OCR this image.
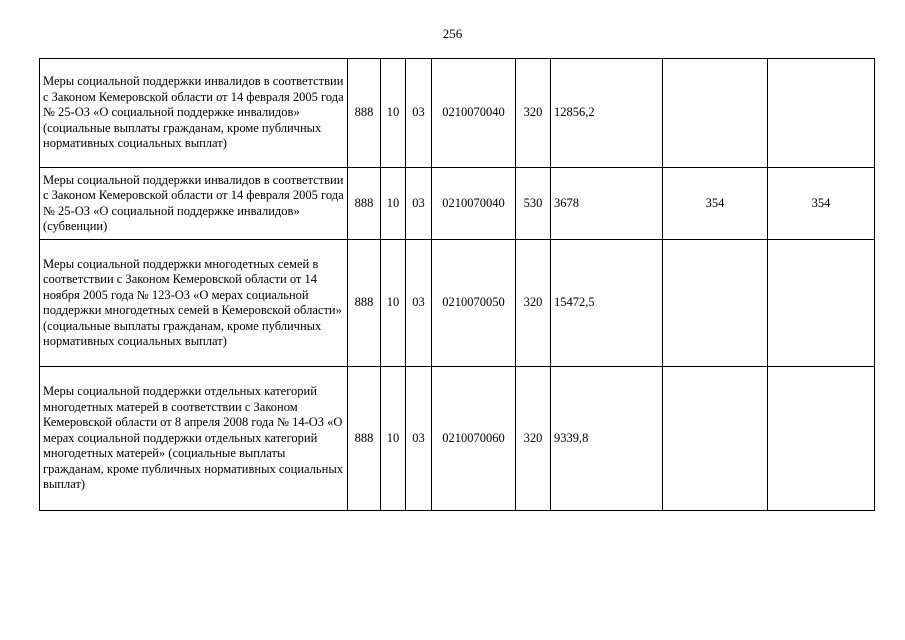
256
Меры социальной поддержки инвалидов в соответствии с Законом Кемеровской области от 14 февраля 2005 года № 25-ОЗ «О социальной поддержке инвалидов» (социальные выплаты гражданам, кроме публичных нормативных социальных выплат)	888	10	03	0210070040	320	12856,2		
Меры социальной поддержки инвалидов в соответствии с Законом Кемеровской области от 14 февраля 2005 года № 25-ОЗ «О социальной поддержке инвалидов» (субвенции)	888	10	03	0210070040	530	3678	354	354
Меры социальной поддержки многодетных семей в соответствии с Законом Кемеровской области от 14 ноября 2005 года № 123-ОЗ «О мерах социальной поддержки многодетных семей в Кемеровской области» (социальные выплаты гражданам, кроме публичных нормативных социальных выплат)	888	10	03	0210070050	320	15472,5		
Меры социальной поддержки отдельных категорий многодетных матерей в соответствии с Законом Кемеровской области от 8 апреля 2008 года № 14-ОЗ «О мерах социальной поддержки отдельных категорий многодетных матерей» (социальные выплаты гражданам, кроме публичных нормативных социальных выплат)	888	10	03	0210070060	320	9339,8		
